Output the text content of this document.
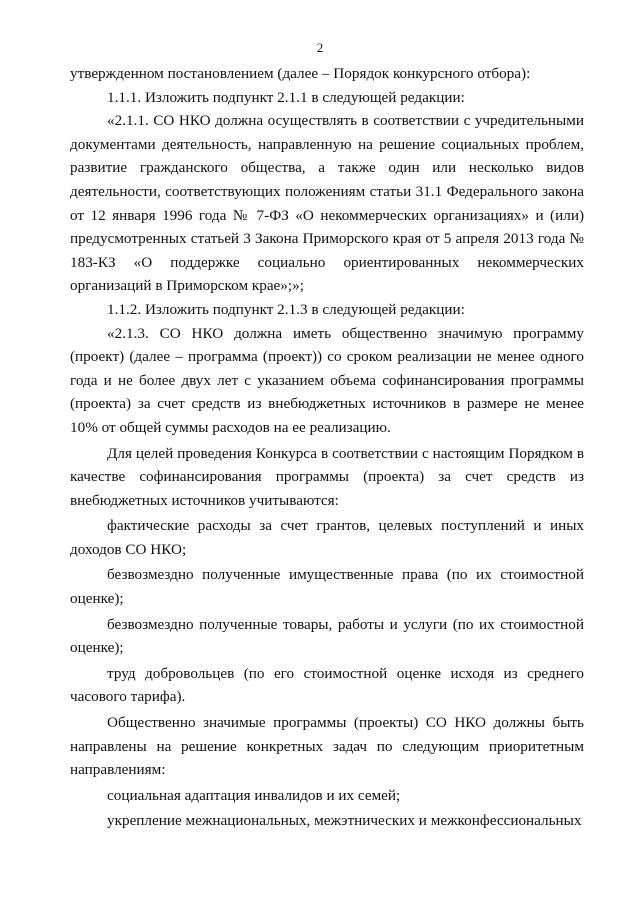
2

утвержденном постановлением (далее – Порядок конкурсного отбора):

1.1.1. Изложить подпункт 2.1.1 в следующей редакции:

«2.1.1. СО НКО должна осуществлять в соответствии с учредительными документами деятельность, направленную на решение социальных проблем, развитие гражданского общества, а также один или несколько видов деятельности, соответствующих положениям статьи 31.1 Федерального закона от 12 января 1996 года № 7-ФЗ «О некоммерческих организациях» и (или) предусмотренных статьей 3 Закона Приморского края от 5 апреля 2013 года № 183-КЗ «О поддержке социально ориентированных некоммерческих организаций в Приморском крае»;»;

1.1.2. Изложить подпункт 2.1.3 в следующей редакции:

«2.1.3. СО НКО должна иметь общественно значимую программу (проект) (далее – программа (проект)) со сроком реализации не менее одного года и не более двух лет с указанием объема софинансирования программы (проекта) за счет средств из внебюджетных источников в размере не менее 10% от общей суммы расходов на ее реализацию.

Для целей проведения Конкурса в соответствии с настоящим Порядком в качестве софинансирования программы (проекта) за счет средств из внебюджетных источников учитываются:

фактические расходы за счет грантов, целевых поступлений и иных доходов СО НКО;

безвозмездно полученные имущественные права (по их стоимостной оценке);

безвозмездно полученные товары, работы и услуги (по их стоимостной оценке);

труд добровольцев (по его стоимостной оценке исходя из среднего часового тарифа).

Общественно значимые программы (проекты) СО НКО должны быть направлены на решение конкретных задач по следующим приоритетным направлениям:

социальная адаптация инвалидов и их семей;

укрепление межнациональных, межэтнических и межконфессиональных
